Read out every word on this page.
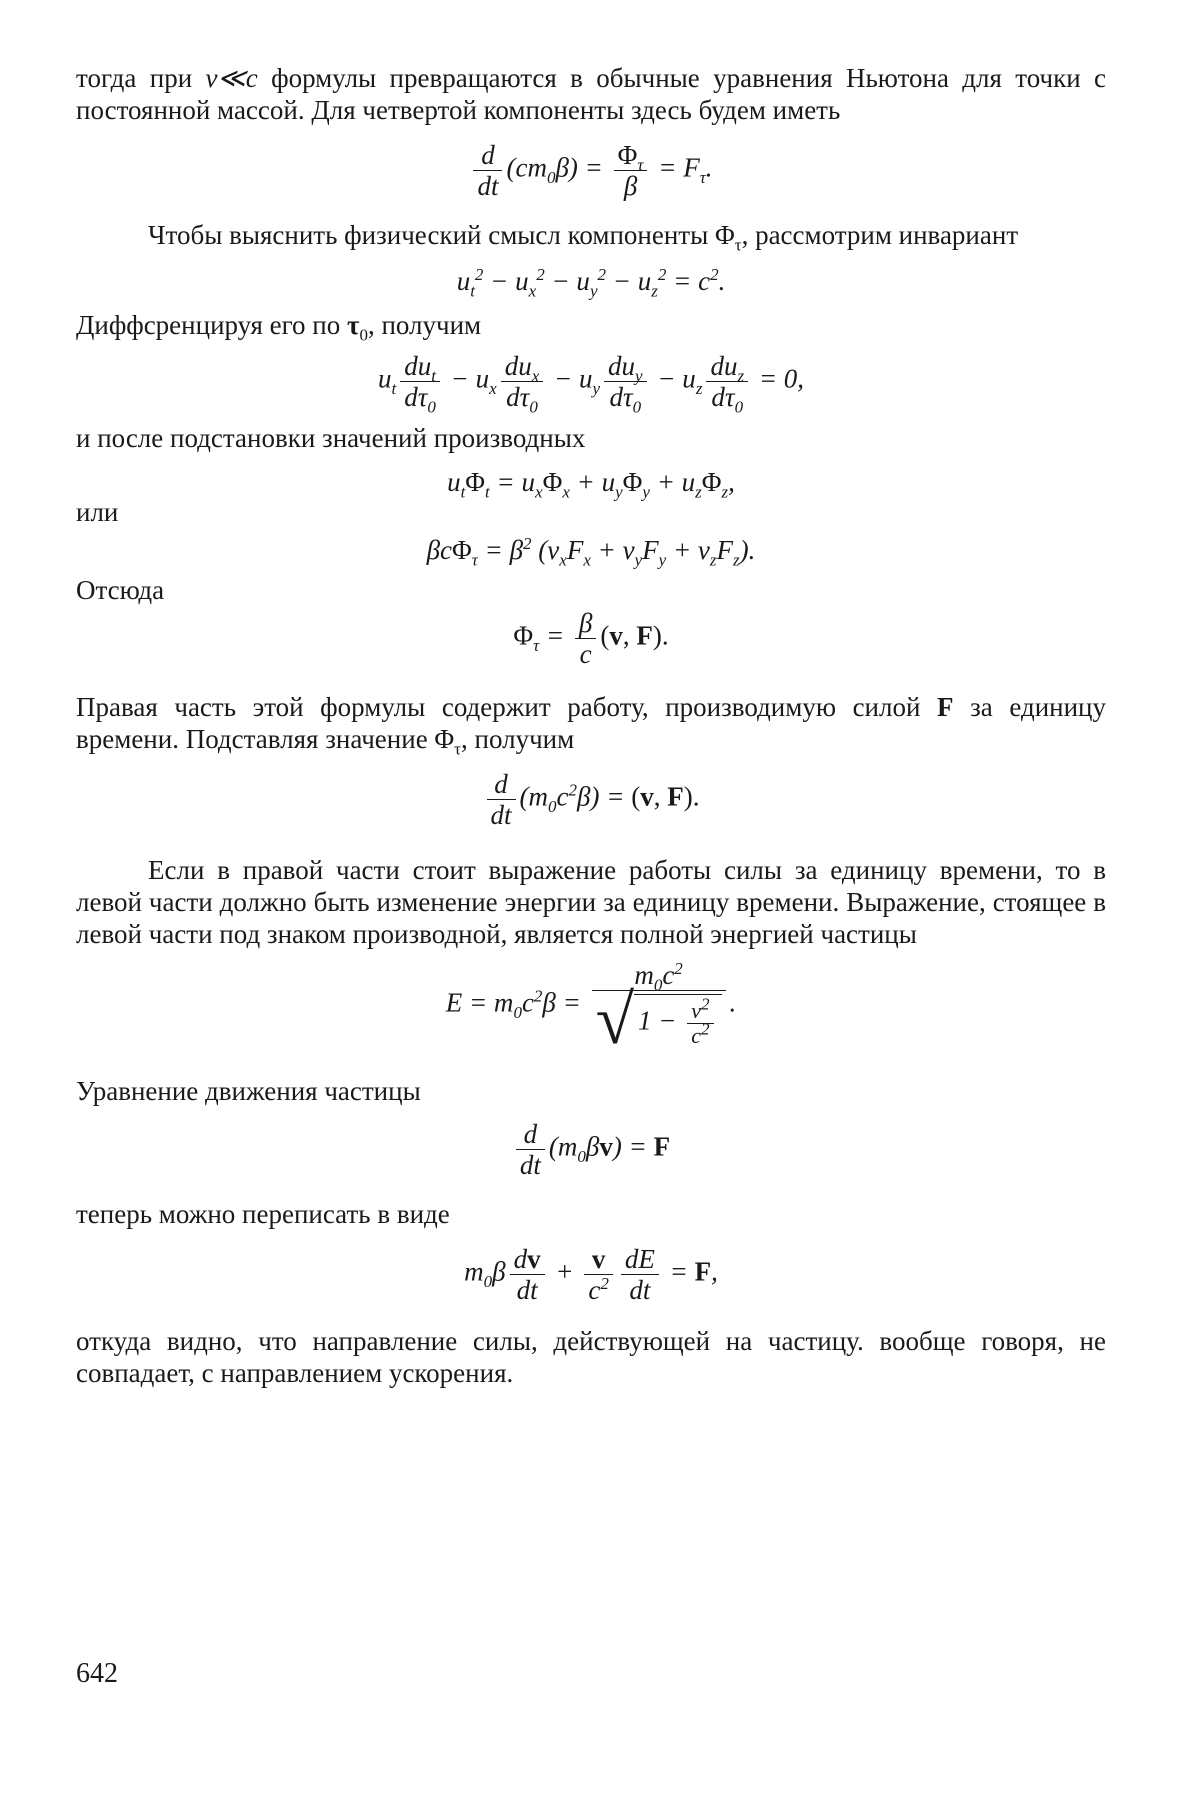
тогда при v≪c формулы превращаются в обычные уравнения Ньютона для точки с постоянной массой. Для четвертой компоненты здесь будем иметь

$\frac{d}{dt} (cm_0\beta) = \frac{\Phi_\tau}{\beta} = F_\tau$.

Чтобы выяснить физический смысл компоненты $\Phi_\tau$, рассмотрим инвариант

$u_t^2 - u_x^2 - u_y^2 - u_z^2 = c^2$.

Диффсренцируя его по $\tau_0$, получим

$u_t \frac{du_t}{d\tau_0} - u_x \frac{du_x}{d\tau_0} - u_y \frac{du_y}{d\tau_0} - u_z \frac{du_z}{d\tau_0} = 0$,

и после подстановки значений производных

$u_t\Phi_t = u_x\Phi_x + u_y\Phi_y + u_z\Phi_z$,

или

$\beta c\Phi_\tau = \beta^2$ $(v_xF_x + v_yF_y + v_zF_z)$.

Отсюда

$\Phi_\tau = \frac{\beta}{c} (v$, F).

Правая часть этой формулы содержит работу, производимую силой F за единицу времени. Подставляя значение $\Phi_\tau$, получим

$\frac{d}{dt} (m_0c^2\beta) = (v$, F).

Если в правой части стоит выражение работы силы за единицу времени, то в левой части должно быть изменение энергии за единицу времени. Выражение, стоящее в левой части под знаком производной, является полной энергией частицы

$E = m_0c^2\beta = \frac{m_0c^2}{√ 1 - \frac{v^2}{c^2}}$ .

Уравнение движения частицы

$\frac{d}{dt} (m_0\beta v) = F$

теперь можно переписать в виде

$m_0\beta \frac{dv}{dt} + \frac{v}{c^2} \frac{dE}{dt} = F$,

откуда видно, что направление силы, действующей на частицу. вообще говоря, не совпадает, с направлением ускорения.

642
